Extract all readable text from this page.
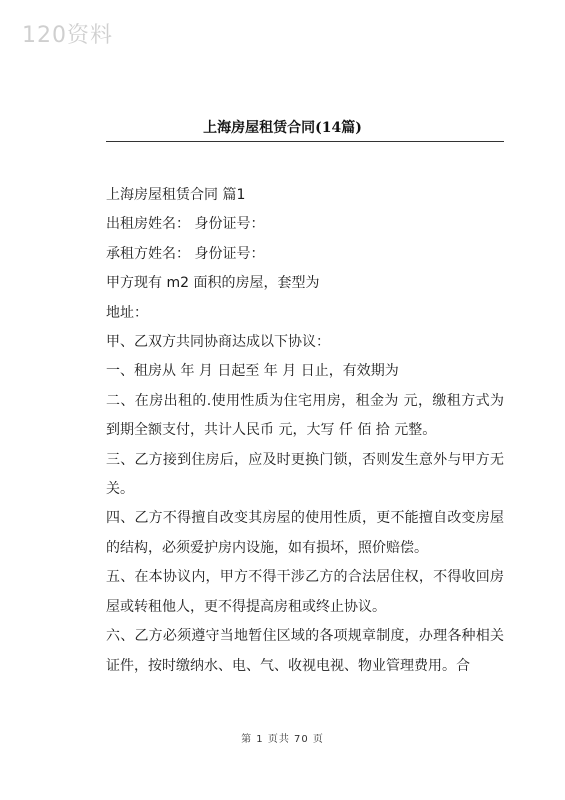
120资料
上海房屋租赁合同(14篇)

上海房屋租赁合同 篇1

出租房姓名： 身份证号：

承租方姓名： 身份证号：

甲方现有 m2 面积的房屋，套型为

地址：

甲、乙双方共同协商达成以下协议：

一、租房从 年 月 日起至 年 月 日止，有效期为

二、在房出租的.使用性质为住宅用房，租金为 元，缴租方式为到期全额支付，共计人民币 元，大写 仟 佰 拾 元整。

三、乙方接到住房后，应及时更换门锁，否则发生意外与甲方无关。

四、乙方不得擅自改变其房屋的使用性质，更不能擅自改变房屋的结构，必须爱护房内设施，如有损坏，照价赔偿。

五、在本协议内，甲方不得干涉乙方的合法居住权，不得收回房屋或转租他人，更不得提高房租或终止协议。

六、乙方必须遵守当地暂住区域的各项规章制度，办理各种相关证件，按时缴纳水、电、气、收视电视、物业管理费用。合

第 1 页共 70 页
